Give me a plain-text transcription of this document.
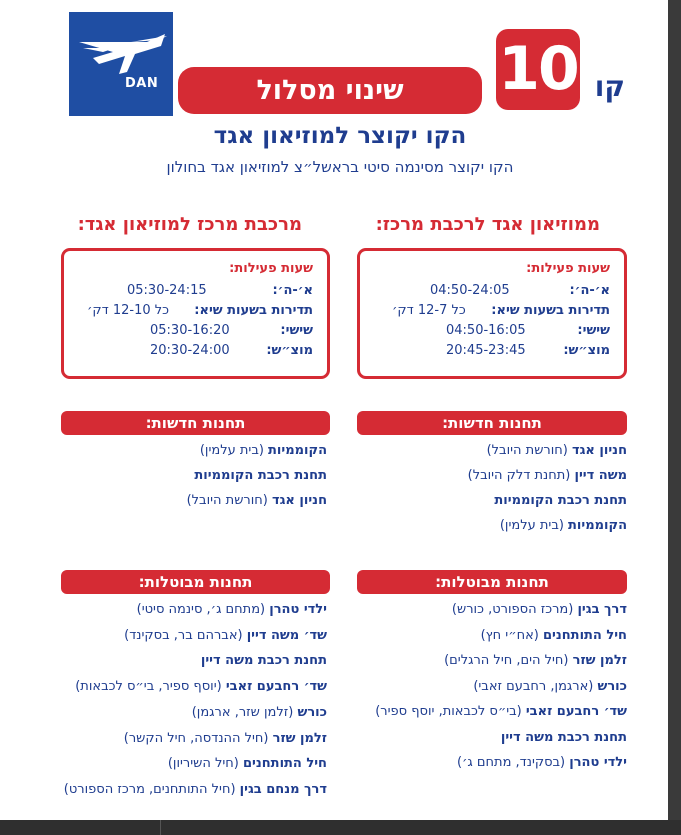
DAN	שינוי מסלול	10 קו
הקו יקוצר למוזיאון אגד
הקו יקוצר מסינמה סיטי בראשל״צ למוזיאון אגד בחולון
ממוזיאון אגד לרכבת מרכז:
שעות פעילות:
א׳-ה׳:
04:50-24:05
תדירות בשעות שיא:
כל 12-7 דק׳
שישי:
04:50-16:05
מוצ״ש:
20:45-23:45
תחנות חדשות:
חניון אגד (חורשת היובל)
משה דיין (תחנת דלק היובל)
תחנת רכבת הקוממיות
הקוממיות (בית עלמין)
תחנות מבוטלות:
דרך בגין (מרכז הספורט, כורש)
חיל התותחנים (אח״י חץ)
זלמן שזר (חיל הים, חיל הרגלים)
כורש (ארגמן, רחבעם זאבי)
שד׳ רחבעם זאבי (בי״ס לכבאות, יוסף ספיר)
תחנת רכבת משה דיין
ילדי טהרן (בסקינד, מתחם ג׳)
מרכבת מרכז למוזיאון אגד:
שעות פעילות:
א׳-ה׳:
05:30-24:15
תדירות בשעות שיא:
כל 12-10 דק׳
שישי:
05:30-16:20
מוצ״ש:
20:30-24:00
תחנות חדשות:
הקוממיות (בית עלמין)
תחנת רכבת הקוממיות
חניון אגד (חורשת היובל)
תחנות מבוטלות:
ילדי טהרן (מתחם ג׳, סינמה סיטי)
שד׳ משה דיין (אברהם בר, בסקינד)
תחנת רכבת משה דיין
שד׳ רחבעם זאבי (יוסף ספיר, בי״ס לכבאות)
כורש (זלמן שזר, ארגמן)
זלמן שזר (חיל ההנדסה, חיל הקשר)
חיל התותחנים (חיל השיריון)
דרך מנחם בגין (חיל התותחנים, מרכז הספורט)
